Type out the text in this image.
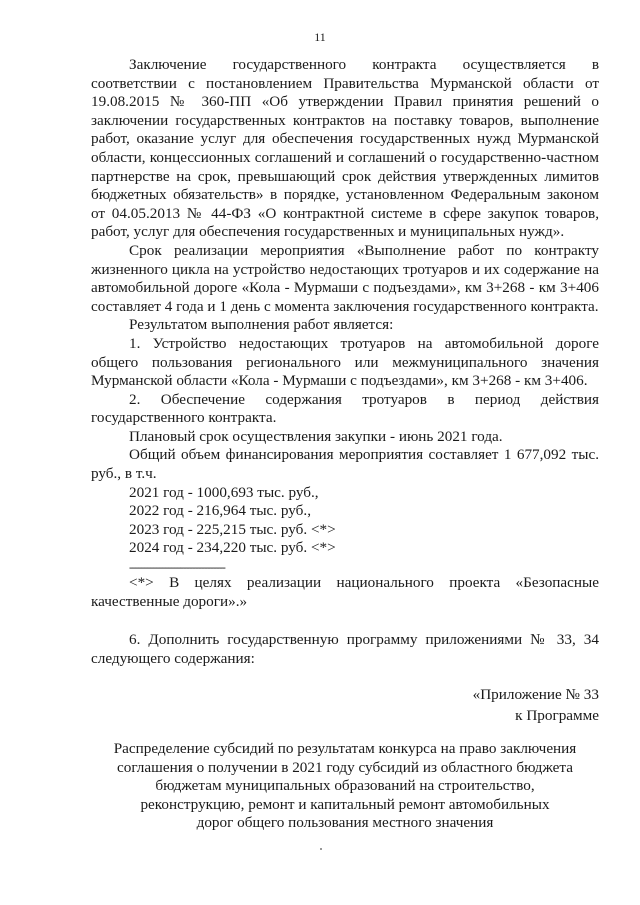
11

Заключение государственного контракта осуществляется в соответствии с постановлением Правительства Мурманской области от 19.08.2015 № 360-ПП «Об утверждении Правил принятия решений о заключении государственных контрактов на поставку товаров, выполнение работ, оказание услуг для обеспечения государственных нужд Мурманской области, концессионных соглашений и соглашений о государственно-частном партнерстве на срок, превышающий срок действия утвержденных лимитов бюджетных обязательств» в порядке, установленном Федеральным законом от 04.05.2013 № 44-ФЗ «О контрактной системе в сфере закупок товаров, работ, услуг для обеспечения государственных и муниципальных нужд».

Срок реализации мероприятия «Выполнение работ по контракту жизненного цикла на устройство недостающих тротуаров и их содержание на автомобильной дороге «Кола - Мурмаши с подъездами», км 3+268 - км 3+406 составляет 4 года и 1 день с момента заключения государственного контракта.

Результатом выполнения работ является:

1. Устройство недостающих тротуаров на автомобильной дороге общего пользования регионального или межмуниципального значения Мурманской области «Кола - Мурмаши с подъездами», км 3+268 - км 3+406.

2. Обеспечение содержания тротуаров в период действия государственного контракта.

Плановый срок осуществления закупки - июнь 2021 года.

Общий объем финансирования мероприятия составляет 1 677,092 тыс. руб., в т.ч.

2021 год - 1000,693 тыс. руб.,
2022 год - 216,964 тыс. руб.,
2023 год - 225,215 тыс. руб. <*>
2024 год - 234,220 тыс. руб. <*>
--------------------------------

<*> В целях реализации национального проекта «Безопасные качественные дороги».»

6. Дополнить государственную программу приложениями № 33, 34 следующего содержания:

«Приложение № 33
к Программе
Распределение субсидий по результатам конкурса на право заключения
соглашения о получении в 2021 году субсидий из областного бюджета
бюджетам муниципальных образований на строительство,
реконструкцию, ремонт и капитальный ремонт автомобильных
дорог общего пользования местного значения
